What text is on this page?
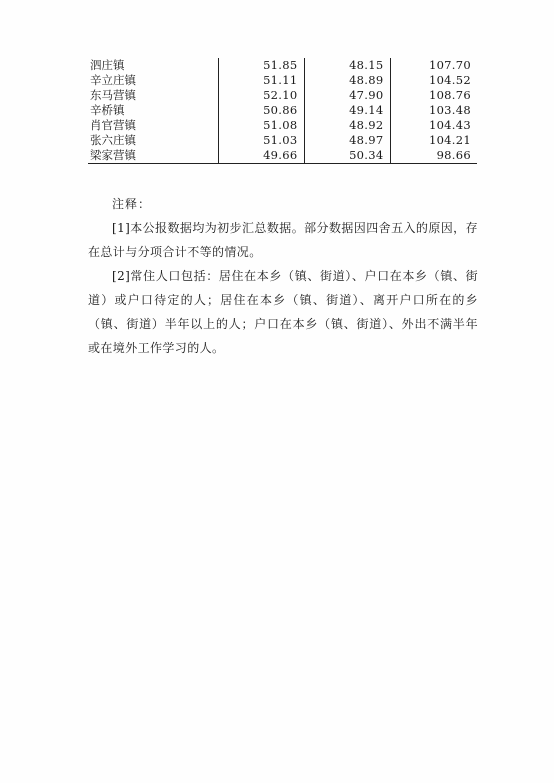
泗庄镇	51.85	48.15	107.70
辛立庄镇	51.11	48.89	104.52
东马营镇	52.10	47.90	108.76
辛桥镇	50.86	49.14	103.48
肖官营镇	51.08	48.92	104.43
张六庄镇	51.03	48.97	104.21
梁家营镇	49.66	50.34	98.66
注释：

[1]本公报数据均为初步汇总数据。部分数据因四舍五入的原因，存在总计与分项合计不等的情况。

[2]常住人口包括：居住在本乡（镇、街道）、户口在本乡（镇、街道）或户口待定的人；居住在本乡（镇、街道）、离开户口所在的乡（镇、街道）半年以上的人；户口在本乡（镇、街道）、外出不满半年或在境外工作学习的人。
